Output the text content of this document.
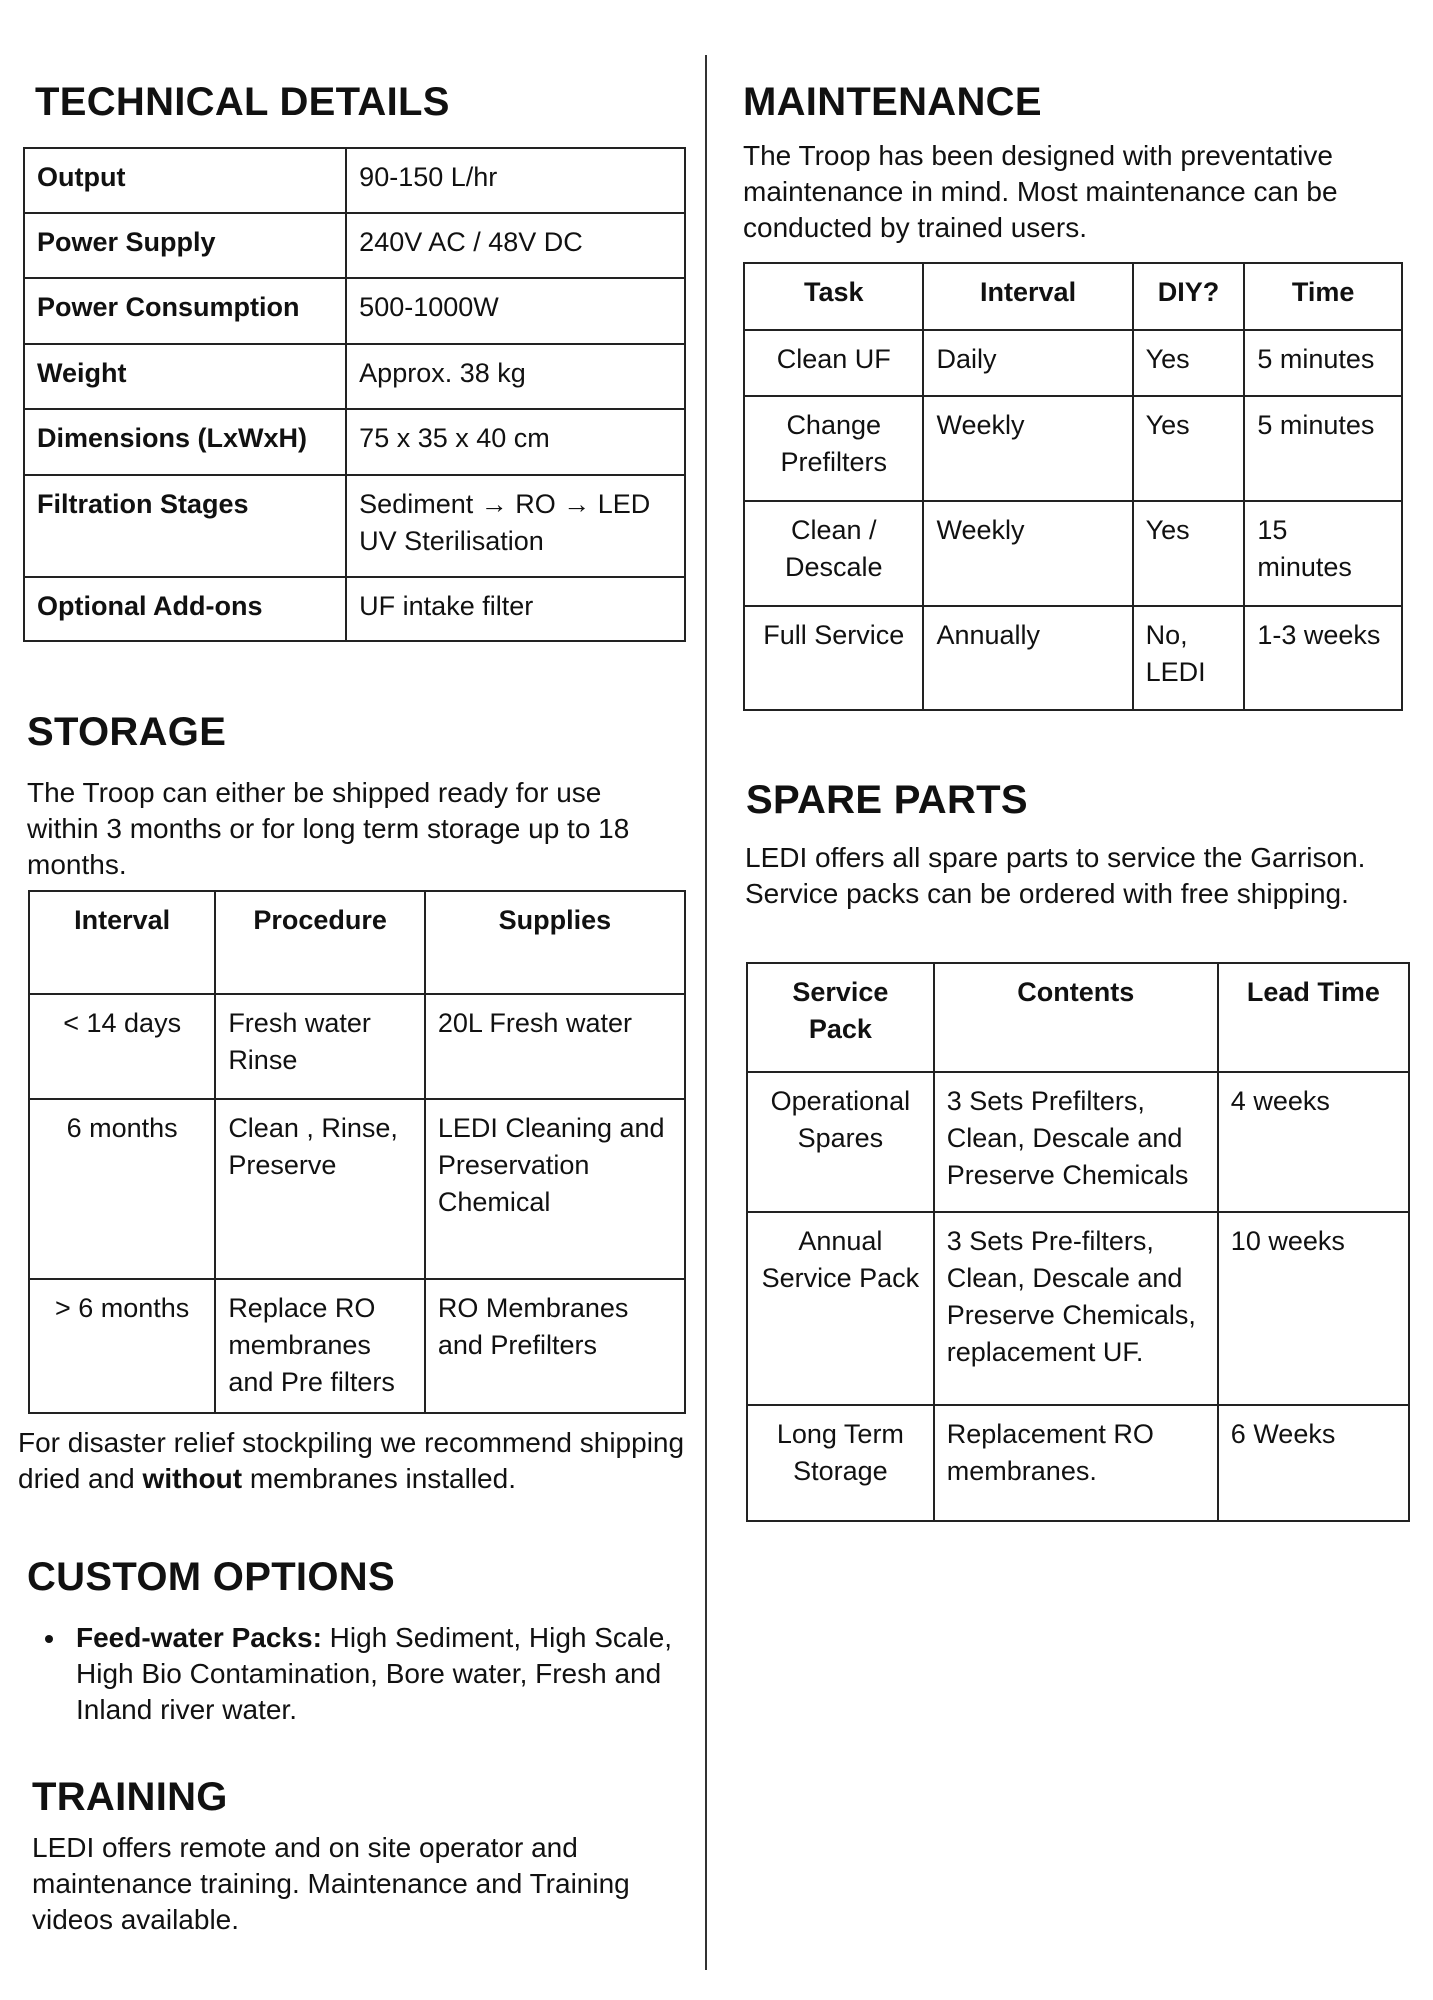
TECHNICAL DETAILS
Output	90-150 L/hr
Power Supply	240V AC / 48V DC
Power Consumption	500-1000W
Weight	Approx. 38 kg
Dimensions (LxWxH)	75 x 35 x 40 cm
Filtration Stages	Sediment → RO → LED UV Sterilisation
Optional Add-ons	UF intake filter
STORAGE

The Troop can either be shipped ready for use within 3 months or for long term storage up to 18 months.

Interval	Procedure	Supplies
< 14 days	Fresh water Rinse	20L Fresh water
6 months	Clean , Rinse, Preserve	LEDI Cleaning and Preservation Chemical
> 6 months	Replace RO membranes and Pre filters	RO Membranes and Prefilters

For disaster relief stockpiling we recommend shipping dried and without membranes installed.

CUSTOM OPTIONS
• Feed-water Packs: High Sediment, High Scale, High Bio Contamination, Bore water, Fresh and Inland river water.
TRAINING

LEDI offers remote and on site operator and maintenance training. Maintenance and Training videos available.

MAINTENANCE

The Troop has been designed with preventative maintenance in mind. Most maintenance can be conducted by trained users.

Task	Interval	DIY?	Time
Clean UF	Daily	Yes	5 minutes
Change Prefilters	Weekly	Yes	5 minutes
Clean / Descale	Weekly	Yes	15 minutes
Full Service	Annually	No, LEDI	1-3 weeks
SPARE PARTS

LEDI offers all spare parts to service the Garrison. Service packs can be ordered with free shipping.

Service Pack	Contents	Lead Time
Operational Spares	3 Sets Prefilters, Clean, Descale and Preserve Chemicals	4 weeks
Annual Service Pack	3 Sets Pre-filters, Clean, Descale and Preserve Chemicals, replacement UF.	10 weeks
Long Term Storage	Replacement RO membranes.	6 Weeks
